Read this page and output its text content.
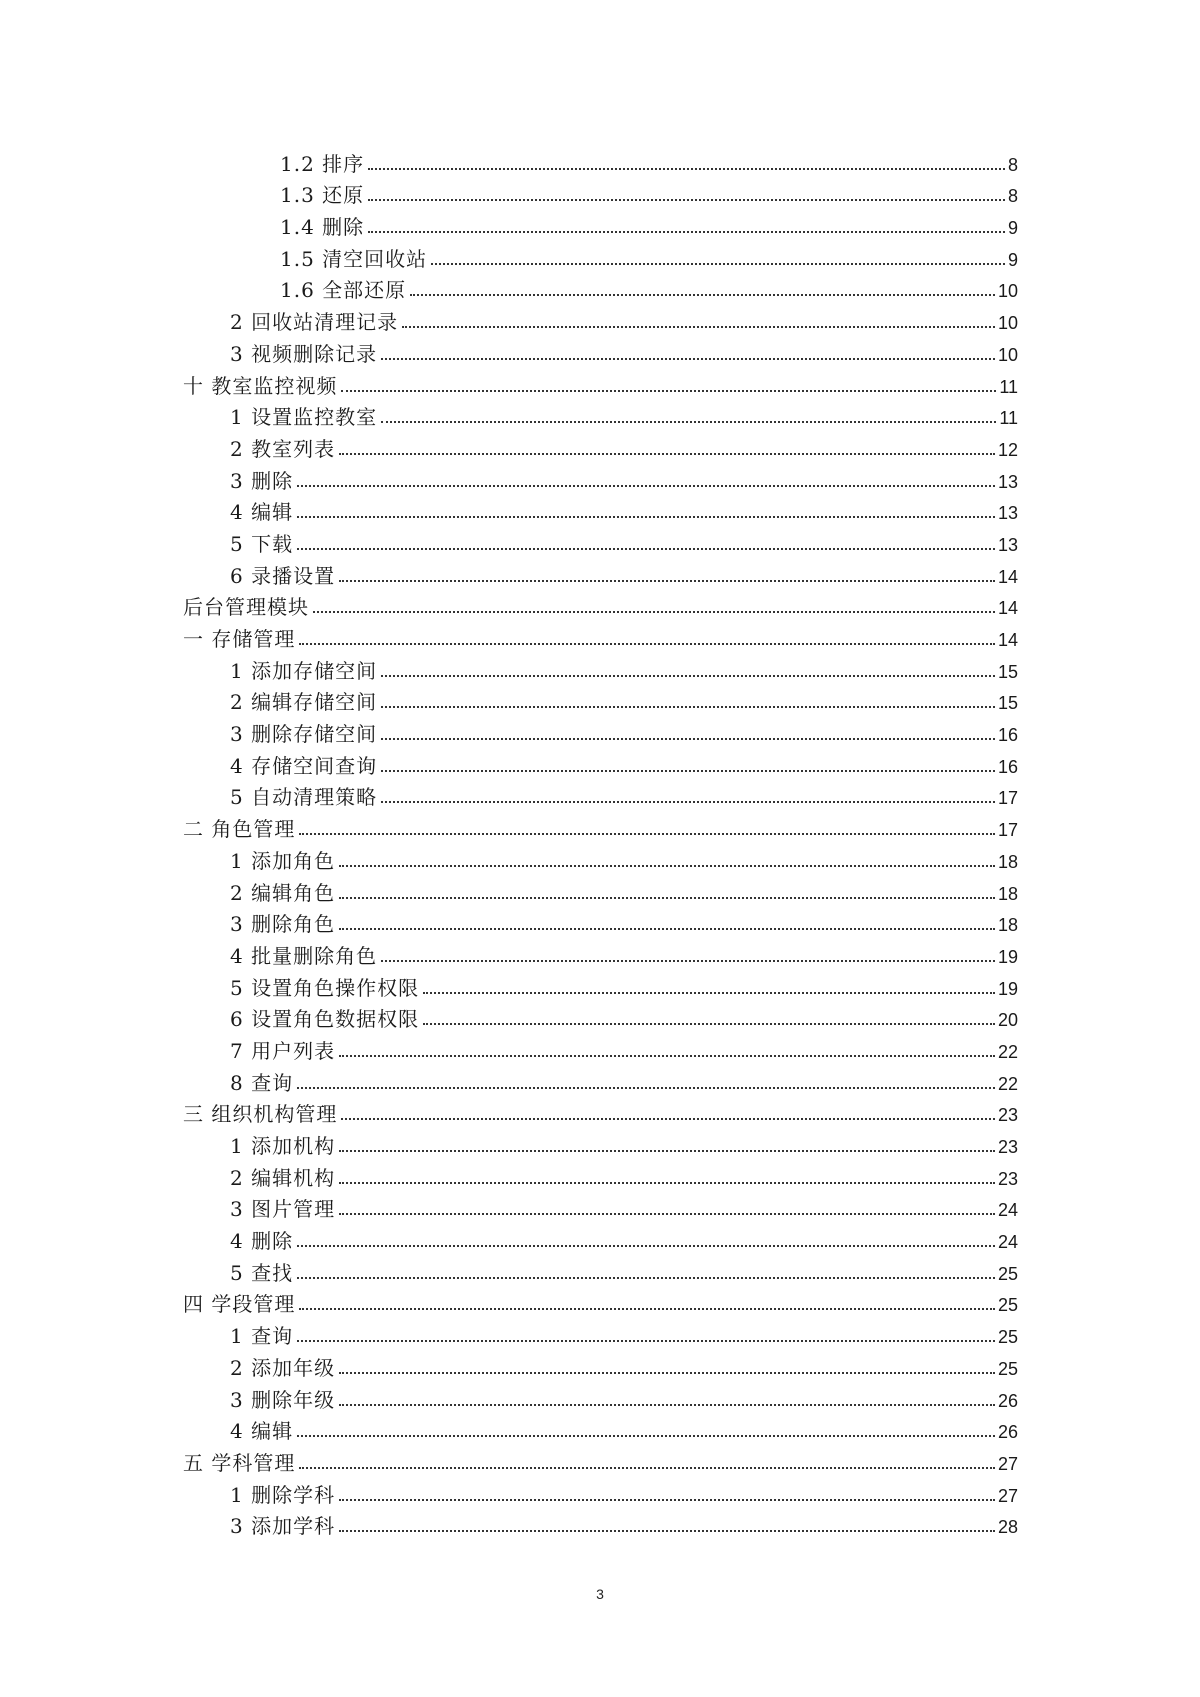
1.2 排序	8
1.3 还原	8
1.4 删除	9
1.5 清空回收站	9
1.6 全部还原	10
2 回收站清理记录	10
3 视频删除记录	10
十 教室监控视频	11
1 设置监控教室	11
2 教室列表	12
3 删除	13
4 编辑	13
5 下载	13
6 录播设置	14
后台管理模块	14
一 存储管理	14
1 添加存储空间	15
2 编辑存储空间	15
3 删除存储空间	16
4 存储空间查询	16
5 自动清理策略	17
二 角色管理	17
1 添加角色	18
2 编辑角色	18
3 删除角色	18
4 批量删除角色	19
5 设置角色操作权限	19
6 设置角色数据权限	20
7 用户列表	22
8 查询	22
三 组织机构管理	23
1 添加机构	23
2 编辑机构	23
3 图片管理	24
4 删除	24
5 查找	25
四 学段管理	25
1 查询	25
2 添加年级	25
3 删除年级	26
4 编辑	26
五 学科管理	27
1 删除学科	27
3 添加学科	28
3
